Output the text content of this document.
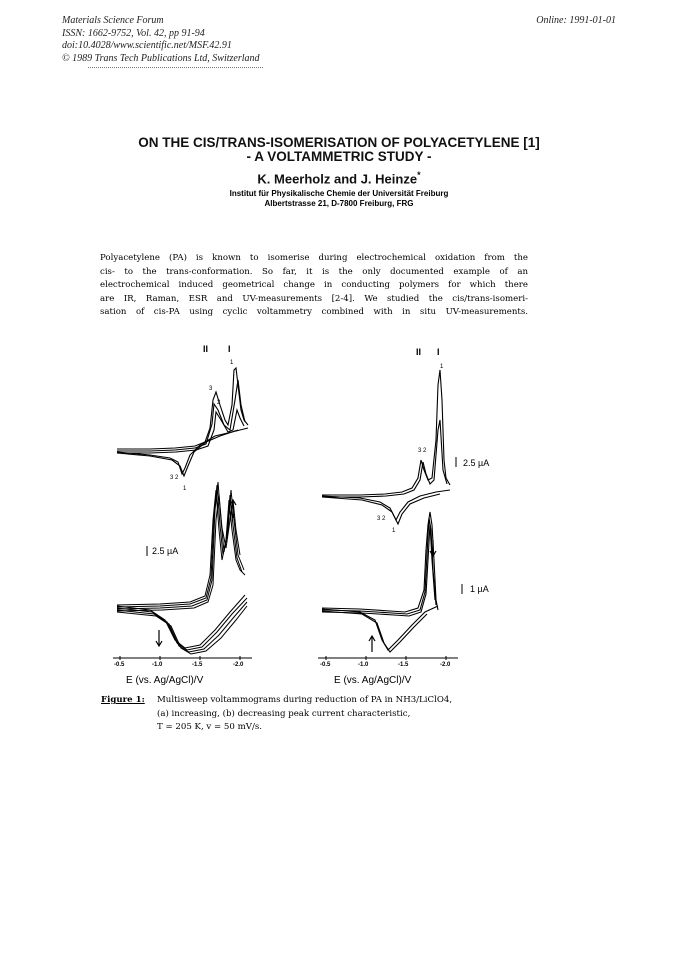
Materials Science Forum
ISSN: 1662-9752, Vol. 42, pp 91-94
doi:10.4028/www.scientific.net/MSF.42.91
© 1989 Trans Tech Publications Ltd, Switzerland
Online: 1991-01-01
ON THE CIS/TRANS-ISOMERISATION OF POLYACETYLENE [1]
- A VOLTAMMETRIC STUDY -
K. Meerholz and J. Heinze*
Institut für Physikalische Chemie der Universität Freiburg
Albertstrasse 21, D-7800 Freiburg, FRG
Polyacetylene (PA) is known to isomerise during electrochemical oxidation from the
cis- to the trans-conformation. So far, it is the only documented example of an
electrochemical induced geometrical change in conducting polymers for which there
are IR, Raman, ESR and UV-measurements [2-4]. We studied the cis/trans-isomeri-
sation of cis-PA using cyclic voltammetry combined with in situ UV-measurements.
II I
1
3
2
3 2
1
2.5 µA
-0.5	-1.0	-1.5	-2.0
E (vs. Ag/AgCl)/V
II I
1
3 2
3 2
1
2.5 µA
1 µA
-0.5	-1.0	-1.5	-2.0
E (vs. Ag/AgCl)/V
Figure 1: Multisweep voltammograms during reduction of PA in NH3/LiClO4,
(a) increasing, (b) decreasing peak current characteristic,
T = 205 K, v = 50 mV/s.
